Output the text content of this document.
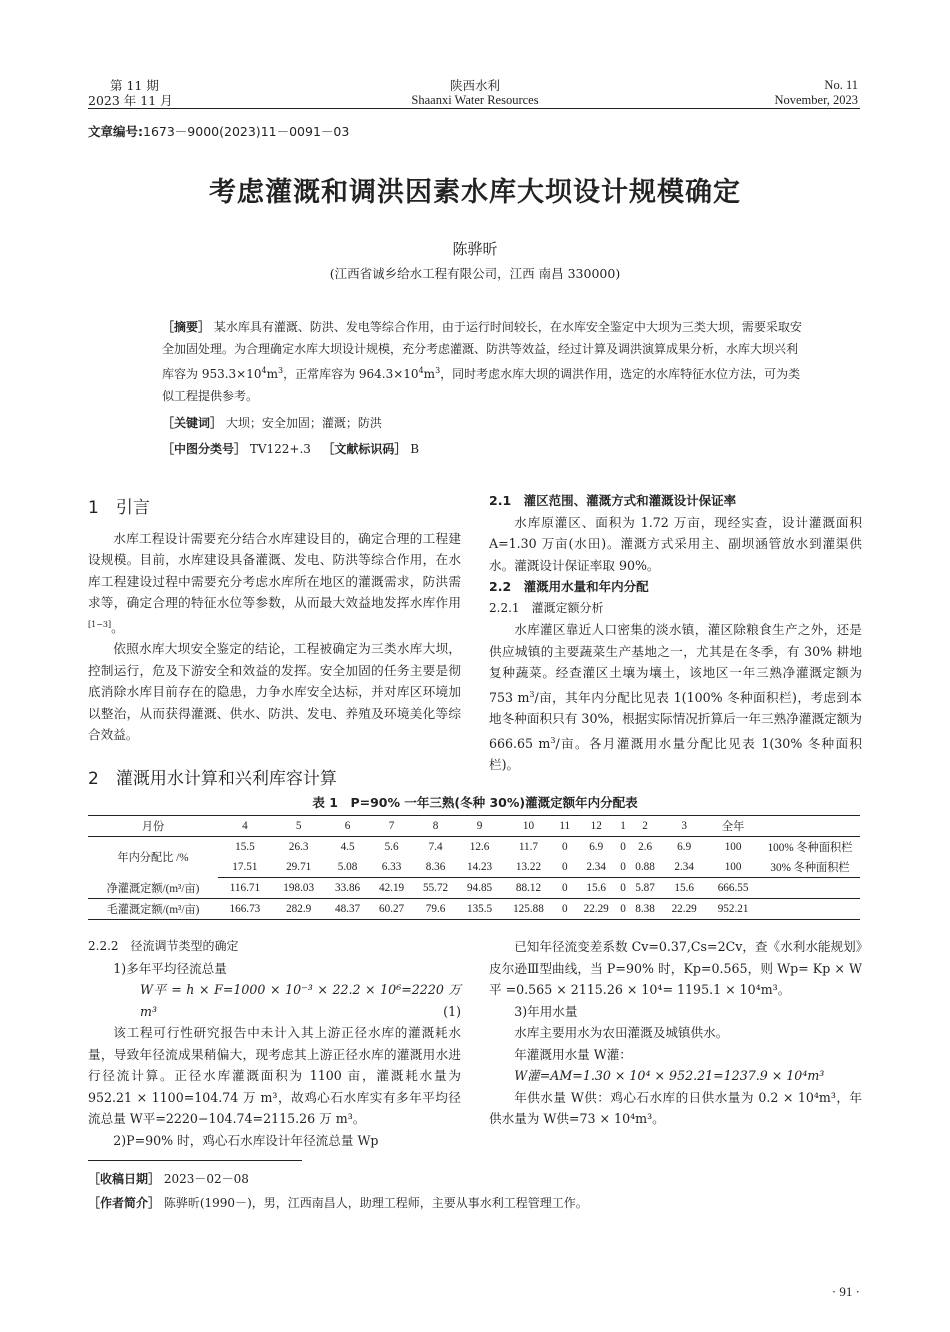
第 11 期
2023 年 11 月
陕西水利
Shaanxi Water Resources
No. 11
November, 2023
文章编号:1673－9000(2023)11－0091－03
考虑灌溉和调洪因素水库大坝设计规模确定
陈骅昕
(江西省诚乡给水工程有限公司，江西 南昌 330000)
［摘要］ 某水库具有灌溉、防洪、发电等综合作用，由于运行时间较长，在水库安全鉴定中大坝为三类大坝，需要采取安全加固处理。为合理确定水库大坝设计规模，充分考虑灌溉、防洪等效益，经过计算及调洪演算成果分析，水库大坝兴利库容为 $953.3\times 10^4m^3$，正常库容为 $964.3\times 10^4m^3$，同时考虑水库大坝的调洪作用，选定的水库特征水位方法，可为类似工程提供参考。
［关键词］ 大坝；安全加固；灌溉；防洪
［中图分类号］ TV122+.3 ［文献标识码］ B
1　引言

水库工程设计需要充分结合水库建设目的，确定合理的工程建设规模。目前，水库建设具备灌溉、发电、防洪等综合作用，在水库工程建设过程中需要充分考虑水库所在地区的灌溉需求，防洪需求等，确定合理的特征水位等参数，从而最大效益地发挥水库作用[1−3]。

依照水库大坝安全鉴定的结论，工程被确定为三类水库大坝，控制运行，危及下游安全和效益的发挥。安全加固的任务主要是彻底消除水库目前存在的隐患，力争水库安全达标，并对库区环境加以整治，从而获得灌溉、供水、防洪、发电、养殖及环境美化等综合效益。

2　灌溉用水计算和兴利库容计算
2.1　灌区范围、灌溉方式和灌溉设计保证率

水库原灌区、面积为 1.72 万亩，现经实查，设计灌溉面积 A=1.30 万亩(水田)。灌溉方式采用主、副坝涵管放水到灌渠供水。灌溉设计保证率取 90%。

2.2　灌溉用水量和年内分配
2.2.1　灌溉定额分析

水库灌区靠近人口密集的淡水镇，灌区除粮食生产之外，还是供应城镇的主要蔬菜生产基地之一，尤其是在冬季，有 30% 耕地复种蔬菜。经查灌区土壤为壤土，该地区一年三熟净灌溉定额为 753 $m^3/$亩，其年内分配比见表 1(100% 冬种面积栏)，考虑到本地冬种面积只有 30%，根据实际情况折算后一年三熟净灌溉定额为 666.65 $m^3/$亩。各月灌溉用水量分配比见表 1(30% 冬种面积栏)。

表 1　P=90% 一年三熟(冬种 30%)灌溉定额年内分配表
月份	4	5	6	7	8	9	10	11	12	1	2	3	全年	
年内分配比 /%	15.5	26.3	4.5	5.6	7.4	12.6	11.7	0	6.9	0	2.6	6.9	100	100% 冬种面积栏
	17.51	29.71	5.08	6.33	8.36	14.23	13.22	0	2.34	0	0.88	2.34	100	30% 冬种面积栏
净灌溉定额/(m³/亩)	116.71	198.03	33.86	42.19	55.72	94.85	88.12	0	15.6	0	5.87	15.6	666.55	
毛灌溉定额/(m³/亩)	166.73	282.9	48.37	60.27	79.6	135.5	125.88	0	22.29	0	8.38	22.29	952.21	
2.2.2　径流调节类型的确定

1)多年平均径流总量

W平 = h × F=1000 × 10⁻³ × 22.2 × 10⁶=2220 万 m³	(1)

该工程可行性研究报告中未计入其上游正径水库的灌溉耗水量，导致年径流成果稍偏大，现考虑其上游正径水库的灌溉用水进行径流计算。正径水库灌溉面积为 1100 亩，灌溉耗水量为 952.21 × 1100=104.74 万 m³，故鸡心石水库实有多年平均径流总量 W平=2220−104.74=2115.26 万 m³。

2)P=90% 时，鸡心石水库设计年径流总量 Wp

已知年径流变差系数 Cv=0.37,Cs=2Cv，查《水利水能规划》皮尔逊Ⅲ型曲线，当 P=90% 时，Kp=0.565，则 Wp= Kp × W平 =0.565 × 2115.26 × 10⁴= 1195.1 × 10⁴m³。

3)年用水量

水库主要用水为农田灌溉及城镇供水。

年灌溉用水量 W灌：

W灌=AM=1.30 × 10⁴ × 952.21=1237.9 × 10⁴m³

年供水量 W供：鸡心石水库的日供水量为 0.2 × 10⁴m³，年供水量为 W供=73 × 10⁴m³。

［收稿日期］ 2023－02－08
［作者简介］ 陈骅昕(1990－)，男，江西南昌人，助理工程师，主要从事水利工程管理工作。
· 91 ·
